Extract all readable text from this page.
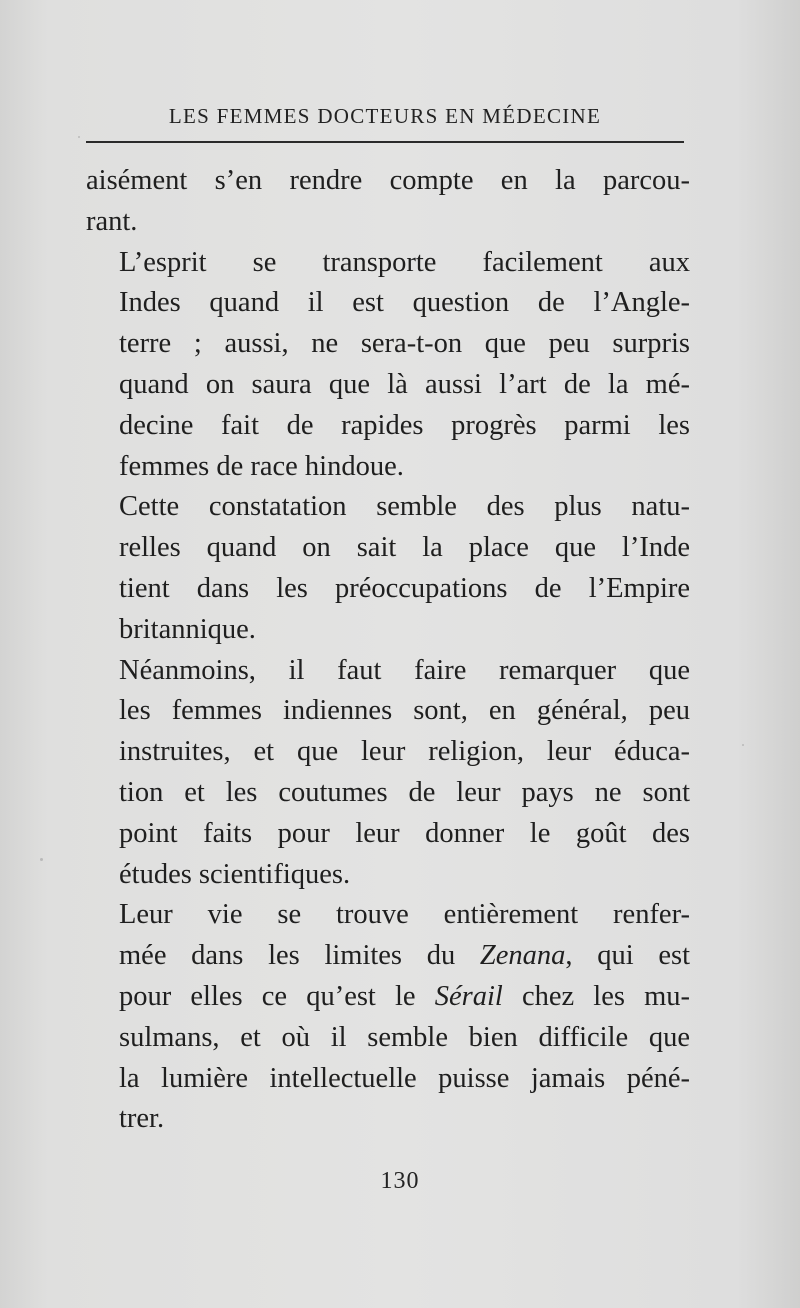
LES FEMMES DOCTEURS EN MÉDECINE

aisément s’en rendre compte en la parcou-
rant.

L’esprit se transporte facilement aux
Indes quand il est question de l’Angle-
terre ; aussi, ne sera-t-on que peu surpris
quand on saura que là aussi l’art de la mé-
decine fait de rapides progrès parmi les
femmes de race hindoue.

Cette constatation semble des plus natu-
relles quand on sait la place que l’Inde
tient dans les préoccupations de l’Empire
britannique.

Néanmoins, il faut faire remarquer que
les femmes indiennes sont, en général, peu
instruites, et que leur religion, leur éduca-
tion et les coutumes de leur pays ne sont
point faits pour leur donner le goût des
études scientifiques.

Leur vie se trouve entièrement renfer-
mée dans les limites du Zenana, qui est
pour elles ce qu’est le Sérail chez les mu-
sulmans, et où il semble bien difficile que
la lumière intellectuelle puisse jamais péné-
trer.

130
